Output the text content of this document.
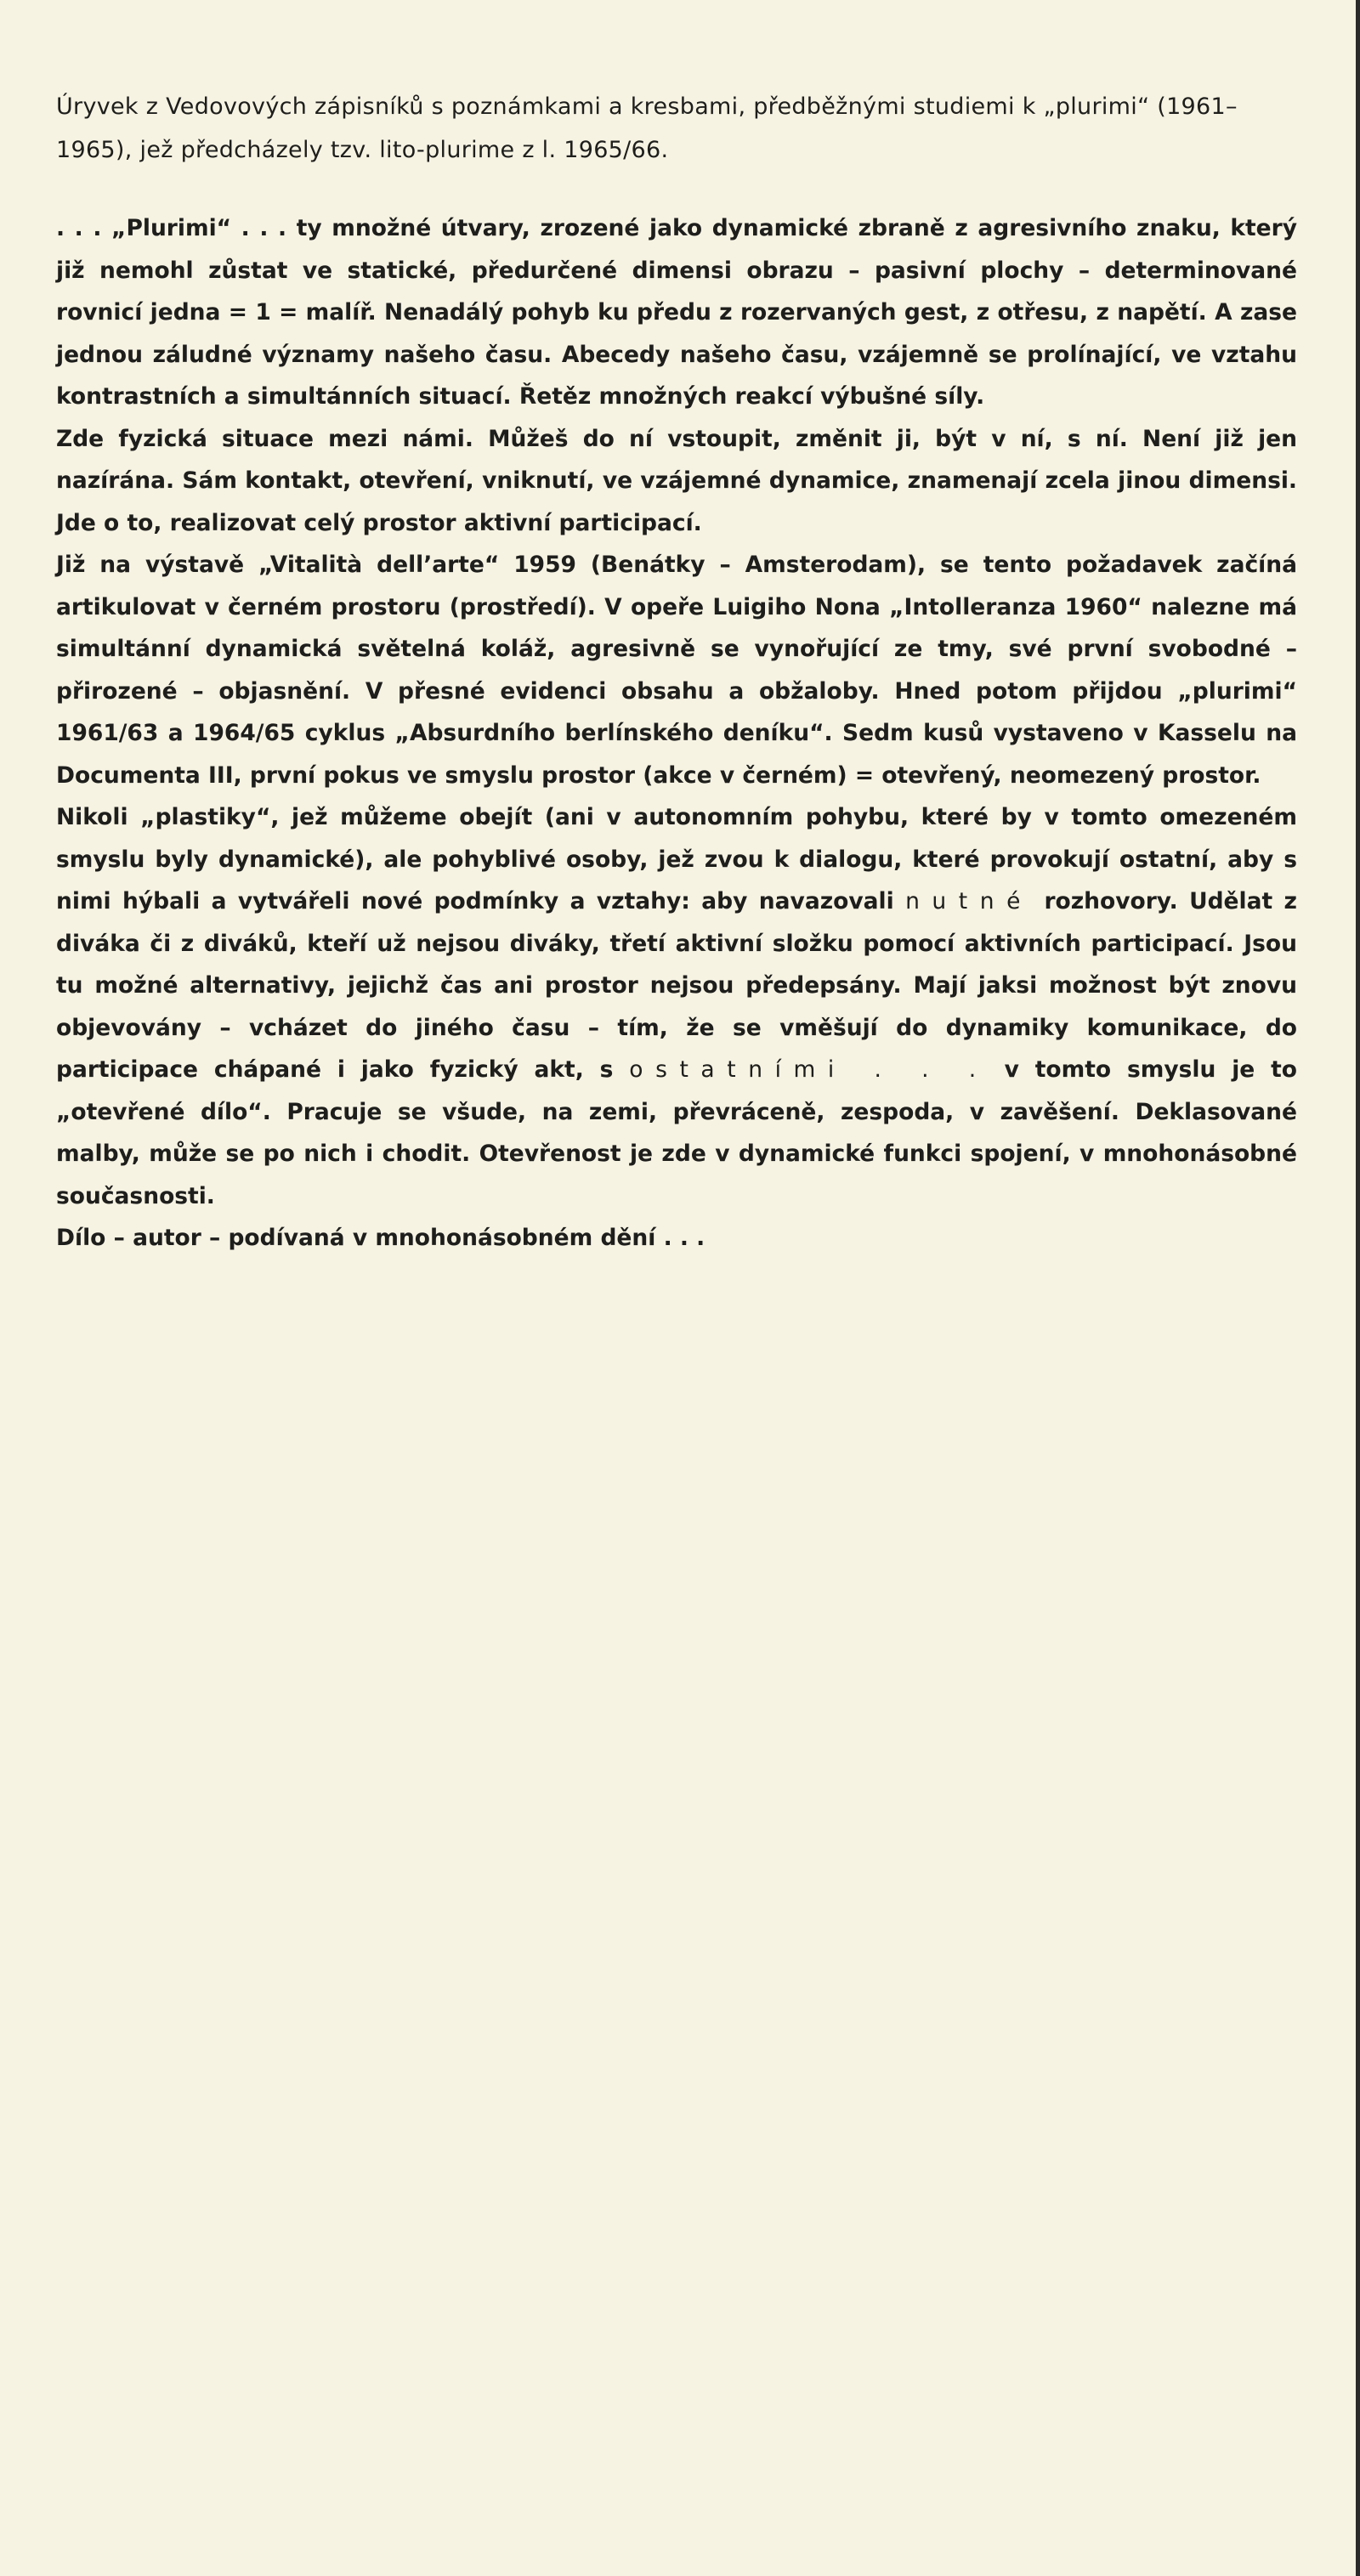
Úryvek z Vedovových zápisníků s poznámkami a kresbami, předběžnými studiemi k „plurimi“ (1961–1965), jež předcházely tzv. lito-plurime z l. 1965/66.

. . . „Plurimi“ . . . ty množné útvary, zrozené jako dynamické zbraně z agresivního znaku, který již nemohl zůstat ve statické, předurčené dimensi obrazu – pasivní plochy – determinované rovnicí jedna = 1 = malíř. Nenadálý pohyb ku předu z rozervaných gest, z otřesu, z napětí. A zase jednou záludné významy našeho času. Abecedy našeho času, vzájemně se prolínající, ve vztahu kontrastních a simultánních situací. Řetěz množných reakcí výbušné síly.

Zde fyzická situace mezi námi. Můžeš do ní vstoupit, změnit ji, být v ní, s ní. Není již jen nazírána. Sám kontakt, otevření, vniknutí, ve vzájemné dynamice, znamenají zcela jinou dimensi. Jde o to, realizovat celý prostor aktivní participací.

Již na výstavě „Vitalità dell’arte“ 1959 (Benátky – Amsterodam), se tento požadavek začíná artikulovat v černém prostoru (prostředí). V opeře Luigiho Nona „Intolleranza 1960“ nalezne má simultánní dynamická světelná koláž, agresivně se vynořující ze tmy, své první svobodné – přirozené – objasnění. V přesné evidenci obsahu a obžaloby. Hned potom přijdou „plurimi“ 1961/63 a 1964/65 cyklus „Absurdního berlínského deníku“. Sedm kusů vystaveno v Kasselu na Documenta III, první pokus ve smyslu prostor (akce v černém) = otevřený, neomezený prostor.

Nikoli „plastiky“, jež můžeme obejít (ani v autonomním pohybu, které by v tomto omezeném smyslu byly dynamické), ale pohyblivé osoby, jež zvou k dialogu, které provokují ostatní, aby s nimi hýbali a vytvářeli nové podmínky a vztahy: aby navazovali nutné rozhovory. Udělat z diváka či z diváků, kteří už nejsou diváky, třetí aktivní složku pomocí aktivních participací. Jsou tu možné alternativy, jejichž čas ani prostor nejsou předepsány. Mají jaksi možnost být znovu objevovány – vcházet do jiného času – tím, že se vměšují do dynamiky komunikace, do participace chápané i jako fyzický akt, s ostatními . . . v tomto smyslu je to „otevřené dílo“. Pracuje se všude, na zemi, převráceně, zespoda, v zavěšení. Deklasované malby, může se po nich i chodit. Otevřenost je zde v dynamické funkci spojení, v mnohonásobné současnosti.

Dílo – autor – podívaná v mnohonásobném dění . . .
